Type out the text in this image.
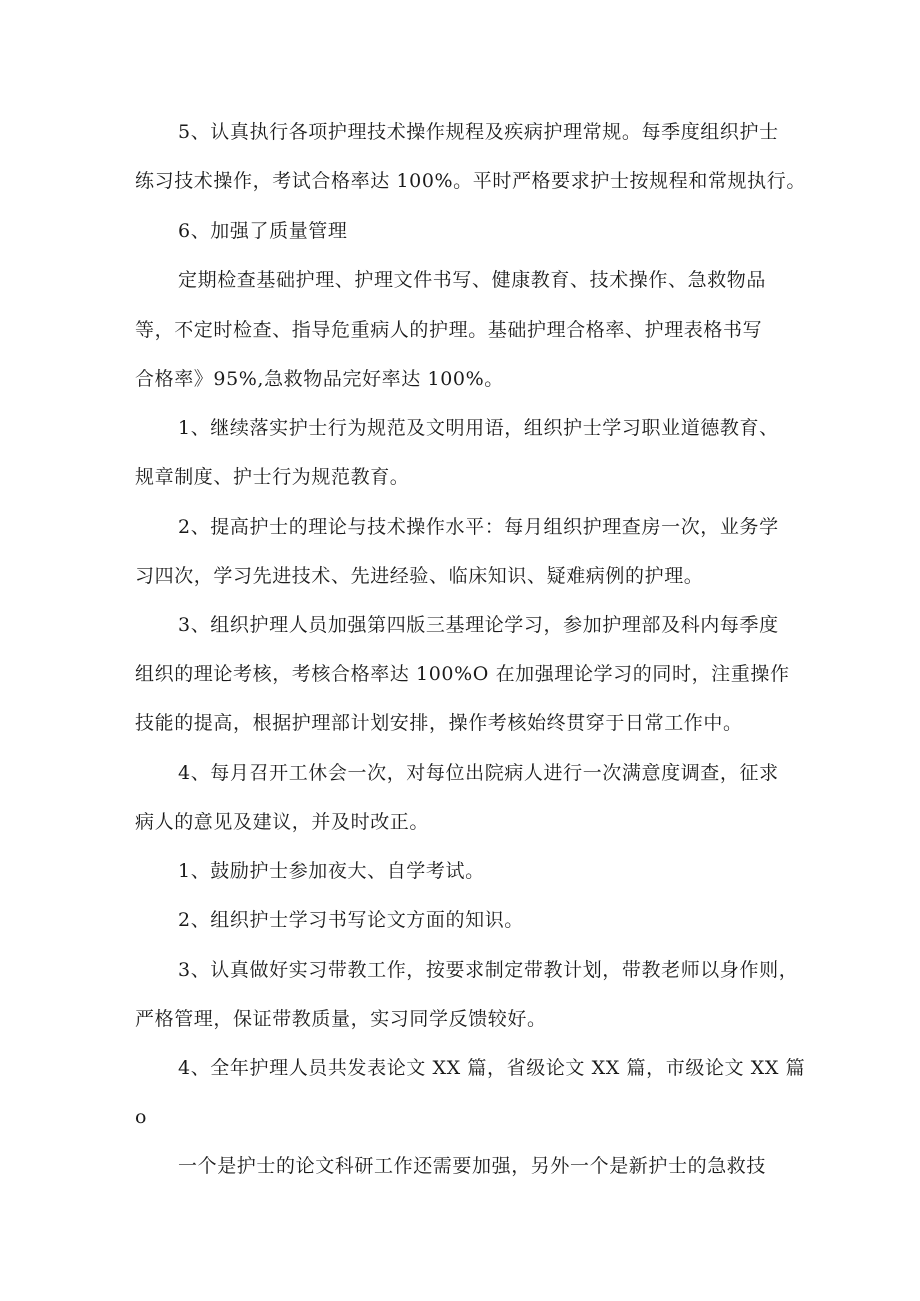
5、认真执行各项护理技术操作规程及疾病护理常规。每季度组织护士
练习技术操作，考试合格率达 100%。平时严格要求护士按规程和常规执行。
6、加强了质量管理
定期检查基础护理、护理文件书写、健康教育、技术操作、急救物品
等，不定时检查、指导危重病人的护理。基础护理合格率、护理表格书写
合格率》95%,急救物品完好率达 100%。
1、继续落实护士行为规范及文明用语，组织护士学习职业道德教育、
规章制度、护士行为规范教育。
2、提高护士的理论与技术操作水平：每月组织护理查房一次，业务学
习四次，学习先进技术、先进经验、临床知识、疑难病例的护理。
3、组织护理人员加强第四版三基理论学习，参加护理部及科内每季度
组织的理论考核，考核合格率达 100%O 在加强理论学习的同时，注重操作
技能的提高，根据护理部计划安排，操作考核始终贯穿于日常工作中。
4、每月召开工休会一次，对每位出院病人进行一次满意度调查，征求
病人的意见及建议，并及时改正。
1、鼓励护士参加夜大、自学考试。
2、组织护士学习书写论文方面的知识。
3、认真做好实习带教工作，按要求制定带教计划，带教老师以身作则，
严格管理，保证带教质量，实习同学反馈较好。
4、全年护理人员共发表论文 XX 篇，省级论文 XX 篇，市级论文 XX 篇
o
一个是护士的论文科研工作还需要加强，另外一个是新护士的急救技
